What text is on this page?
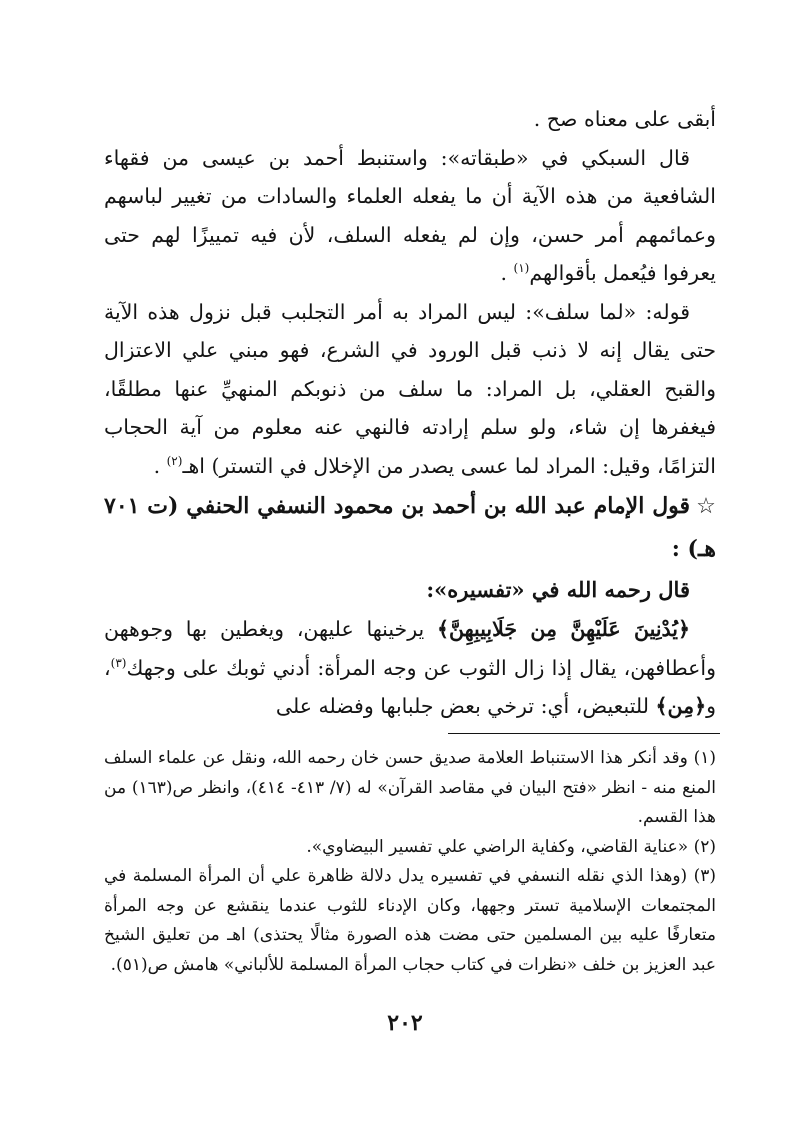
أبقى على معناه صح .

قال السبكي في «طبقاته»: واستنبط أحمد بن عيسى من فقهاء الشافعية من هذه الآية أن ما يفعله العلماء والسادات من تغيير لباسهم وعمائمهم أمر حسن، وإن لم يفعله السلف، لأن فيه تمييزًا لهم حتى يعرفوا فيُعمل بأقوالهم$^{(١)}$ .

قوله: «لما سلف»: ليس المراد به أمر التجلبب قبل نزول هذه الآية حتى يقال إنه لا ذنب قبل الورود في الشرع، فهو مبني علي الاعتزال والقبح العقلي، بل المراد: ما سلف من ذنوبكم المنهيِّ عنها مطلقًا، فيغفرها إن شاء، ولو سلم إرادته فالنهي عنه معلوم من آية الحجاب التزامًا، وقيل: المراد لما عسى يصدر من الإخلال في التستر) اهـ$^{(٢)}$ .

☆قول الإمام عبد الله بن أحمد بن محمود النسفي الحنفي (ت ٧٠١ هـ) :

قال رحمه الله في «تفسيره»:

﴿يُدْنِينَ عَلَيْهِنَّ مِن جَلَابِيبِهِنَّ﴾ يرخينها عليهن، ويغطين بها وجوههن وأعطافهن، يقال إذا زال الثوب عن وجه المرأة: أدني ثوبك على وجهك$^{(٣)}$، و﴿مِن﴾ للتبعيض، أي: ترخي بعض جلبابها وفضله على

(١) وقد أنكر هذا الاستنباط العلامة صديق حسن خان رحمه الله، ونقل عن علماء السلف المنع منه - انظر «فتح البيان في مقاصد القرآن» له (٧/ ٤١٣- ٤١٤)، وانظر ص(١٦٣) من هذا القسم.

(٢) «عناية القاضي، وكفاية الراضي علي تفسير البيضاوي».

(٣) (وهذا الذي نقله النسفي في تفسيره يدل دلالة ظاهرة علي أن المرأة المسلمة في المجتمعات الإسلامية تستر وجهها، وكان الإدناء للثوب عندما ينقشع عن وجه المرأة متعارفًا عليه بين المسلمين حتى مضت هذه الصورة مثالًا يحتذى) اهـ من تعليق الشيخ عبد العزيز بن خلف «نظرات في كتاب حجاب المرأة المسلمة للألباني» هامش ص(٥١).

٢٠٢
